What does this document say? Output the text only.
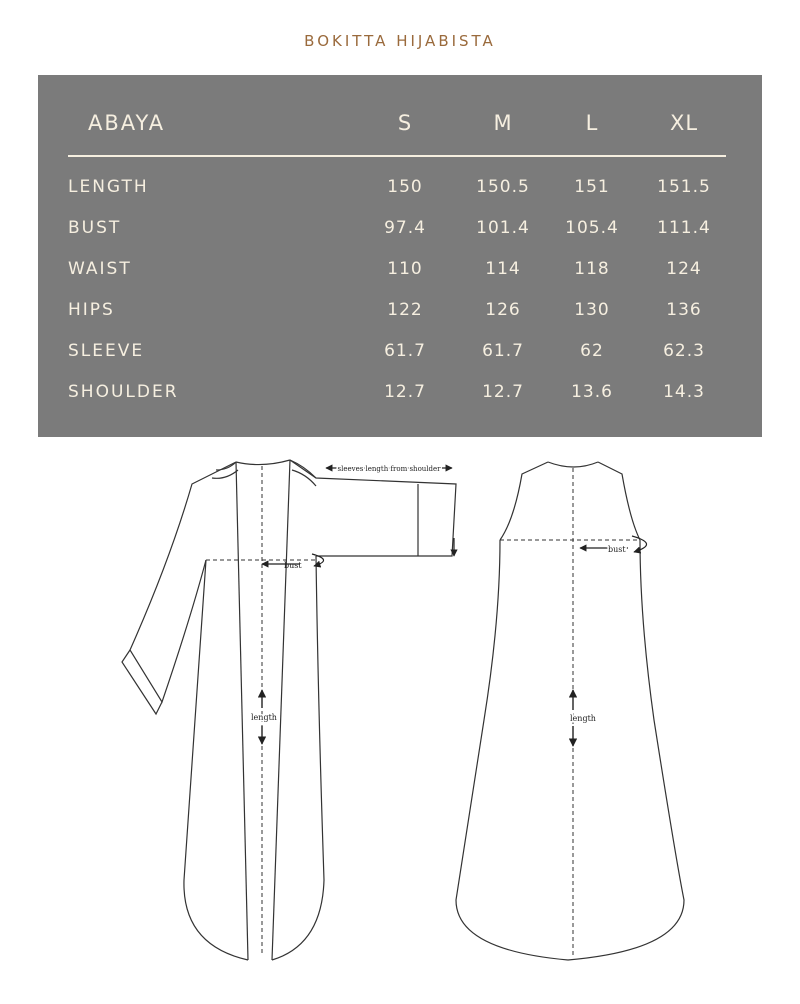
BOKITTA HIJABISTA
ABAYA	S	M	L	XL
LENGTH	150	150.5	151	151.5
BUST	97.4	101.4	105.4	111.4
WAIST	110	114	118	124
HIPS	122	126	130	136
SLEEVE	61.7	61.7	62	62.3
SHOULDER	12.7	12.7	13.6	14.3
sleeves length from shoulder
bust
length
bust
length
